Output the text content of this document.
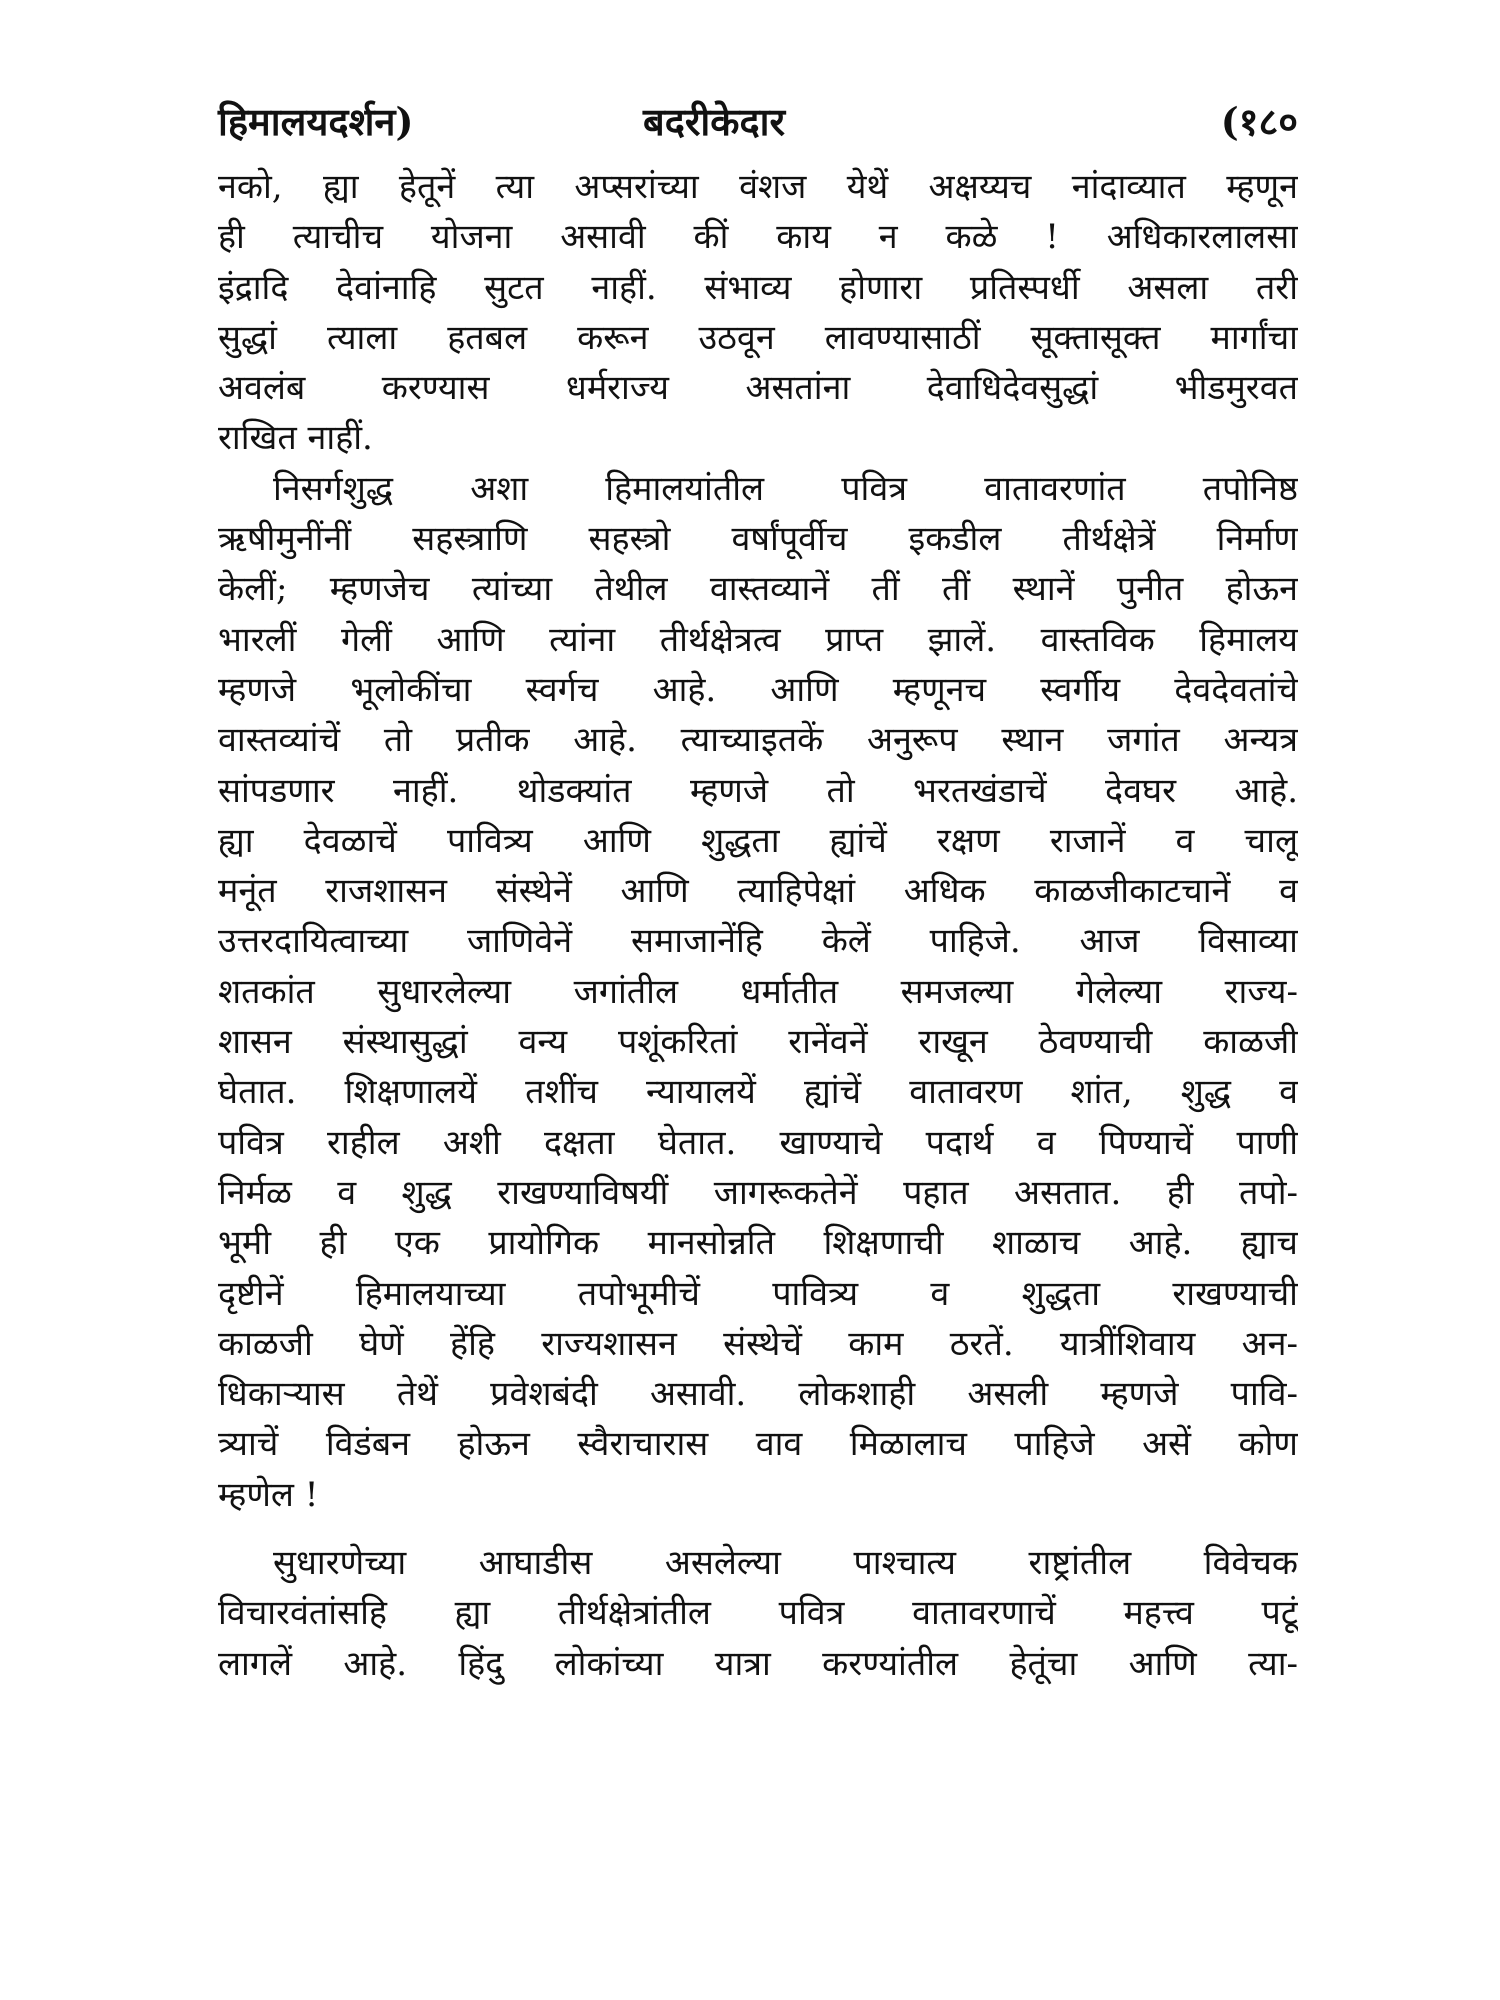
हिमालयदर्शन)	बदरीकेदार	(१८०
नको, ह्या हेतूनें त्या अप्सरांच्या वंशज येथें अक्षय्यच नांदाव्यात म्हणून
ही त्याचीच योजना असावी कीं काय न कळे ! अधिकारलालसा
इंद्रादि देवांनाहि सुटत नाहीं. संभाव्य होणारा प्रतिस्पर्धी असला तरी
सुद्धां त्याला हतबल करून उठवून लावण्यासाठीं सूक्तासूक्त मार्गांचा
अवलंब करण्यास धर्मराज्य असतांना देवाधिदेवसुद्धां भीडमुरवत
राखित नाहीं.
निसर्गशुद्ध अशा हिमालयांतील पवित्र वातावरणांत तपोनिष्ठ
ऋषीमुनींनीं सहस्त्राणि सहस्त्रो वर्षांपूर्वीच इकडील तीर्थक्षेत्रें निर्माण
केलीं; म्हणजेच त्यांच्या तेथील वास्तव्यानें तीं तीं स्थानें पुनीत होऊन
भारलीं गेलीं आणि त्यांना तीर्थक्षेत्रत्व प्राप्त झालें. वास्तविक हिमालय
म्हणजे भूलोकींचा स्वर्गच आहे. आणि म्हणूनच स्वर्गीय देवदेवतांचे
वास्तव्यांचें तो प्रतीक आहे. त्याच्याइतकें अनुरूप स्थान जगांत अन्यत्र
सांपडणार नाहीं. थोडक्यांत म्हणजे तो भरतखंडाचें देवघर आहे.
ह्या देवळाचें पावित्र्य आणि शुद्धता ह्यांचें रक्षण राजानें व चालू
मनूंत राजशासन संस्थेनें आणि त्याहिपेक्षां अधिक काळजीकाटचानें व
उत्तरदायित्वाच्या जाणिवेनें समाजानेंहि केलें पाहिजे. आज विसाव्या
शतकांत सुधारलेल्या जगांतील धर्मातीत समजल्या गेलेल्या राज्य-
शासन संस्थासुद्धां वन्य पशूंकरितां रानेंवनें राखून ठेवण्याची काळजी
घेतात. शिक्षणालयें तशींच न्यायालयें ह्यांचें वातावरण शांत, शुद्ध व
पवित्र राहील अशी दक्षता घेतात. खाण्याचे पदार्थ व पिण्याचें पाणी
निर्मळ व शुद्ध राखण्याविषयीं जागरूकतेनें पहात असतात. ही तपो-
भूमी ही एक प्रायोगिक मानसोन्नति शिक्षणाची शाळाच आहे. ह्याच
दृष्टीनें हिमालयाच्या तपोभूमीचें पावित्र्य व शुद्धता राखण्याची
काळजी घेणें हेंहि राज्यशासन संस्थेचें काम ठरतें. यात्रींशिवाय अन-
धिकाऱ्यास तेथें प्रवेशबंदी असावी. लोकशाही असली म्हणजे पावि-
त्र्याचें विडंबन होऊन स्वैराचारास वाव मिळालाच पाहिजे असें कोण
म्हणेल !
सुधारणेच्या आघाडीस असलेल्या पाश्चात्य राष्ट्रांतील विवेचक
विचारवंतांसहि ह्या तीर्थक्षेत्रांतील पवित्र वातावरणाचें महत्त्व पटूं
लागलें आहे. हिंदु लोकांच्या यात्रा करण्यांतील हेतूंचा आणि त्या-
